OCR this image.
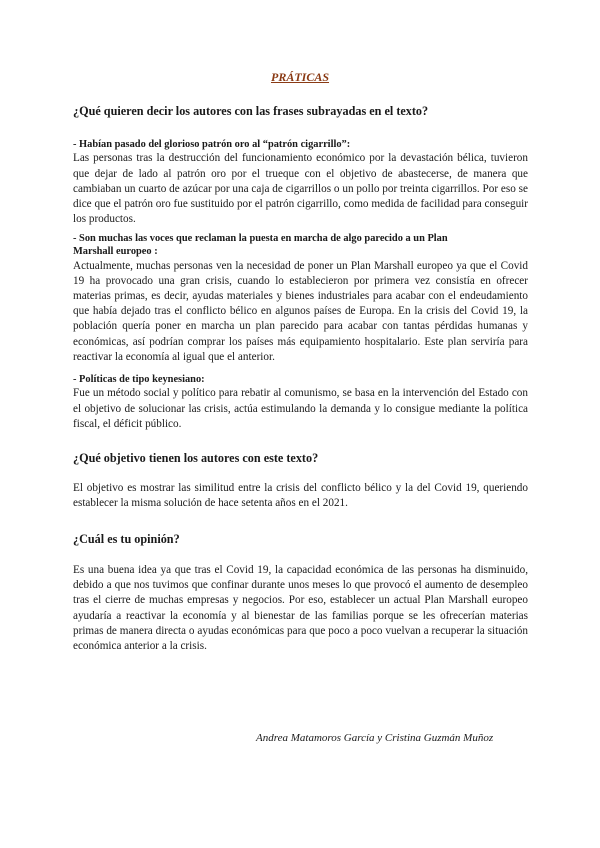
PRÁTICAS

¿Qué quieren decir los autores con las frases subrayadas en el texto?

- Habían pasado del glorioso patrón oro al “patrón cigarrillo”:

Las personas tras la destrucción del funcionamiento económico por la devastación bélica, tuvieron que dejar de lado al patrón oro por el trueque con el objetivo de abastecerse, de manera que cambiaban un cuarto de azúcar por una caja de cigarrillos o un pollo por treinta cigarrillos. Por eso se dice que el patrón oro fue sustituido por el patrón cigarrillo, como medida de facilidad para conseguir los productos.

- Son muchas las voces que reclaman la puesta en marcha de algo parecido a un Plan Marshall europeo :

Actualmente, muchas personas ven la necesidad de poner un Plan Marshall europeo ya que el Covid 19 ha provocado una gran crisis, cuando lo establecieron por primera vez consistía en ofrecer materias primas, es decir, ayudas materiales y bienes industriales para acabar con el endeudamiento que había dejado tras el conflicto bélico en algunos países de Europa. En la crisis del Covid 19, la población quería poner en marcha un plan parecido para acabar con tantas pérdidas humanas y económicas, así podrían comprar los países más equipamiento hospitalario. Este plan serviría para reactivar la economía al igual que el anterior.

- Políticas de tipo keynesiano:

Fue un método social y político para rebatir al comunismo, se basa en la intervención del Estado con el objetivo de solucionar las crisis, actúa estimulando la demanda y lo consigue mediante la política fiscal, el déficit público.

¿Qué objetivo tienen los autores con este texto?

El objetivo es mostrar las similitud entre la crisis del conflicto bélico y la del Covid 19, queriendo establecer la misma solución de hace setenta años en el 2021.

¿Cuál es tu opinión?

Es una buena idea ya que tras el Covid 19, la capacidad económica de las personas ha disminuido, debido a que nos tuvimos que confinar durante unos meses lo que provocó el aumento de desempleo tras el cierre de muchas empresas y negocios. Por eso, establecer un actual Plan Marshall europeo ayudaría a reactivar la economía y al bienestar de las familias porque se les ofrecerían materias primas de manera directa o ayudas económicas para que poco a poco vuelvan a recuperar la situación económica anterior a la crisis.

Andrea Matamoros García y Cristina Guzmán Muñoz
